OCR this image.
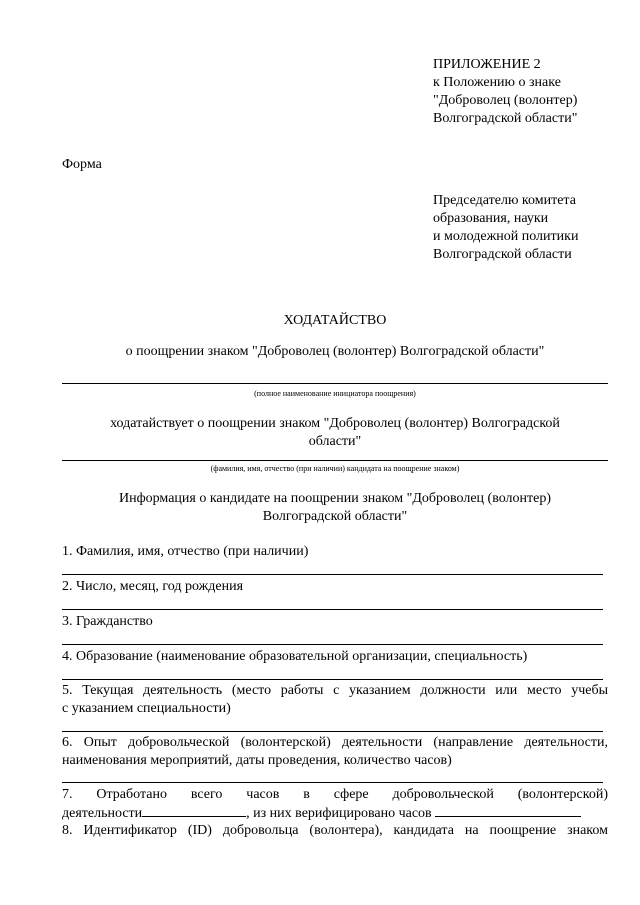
ПРИЛОЖЕНИЕ 2
к Положению о знаке
"Доброволец (волонтер)
Волгоградской области"
Форма
Председателю комитета
образования, науки
и молодежной политики
Волгоградской области
ХОДАТАЙСТВО
о поощрении знаком "Доброволец (волонтер) Волгоградской области"
(полное наименование инициатора поощрения)
ходатайствует о поощрении знаком "Доброволец (волонтер) Волгоградской
области"
(фамилия, имя, отчество (при наличии) кандидата на поощрение знаком)
Информация о кандидате на поощрении знаком "Доброволец (волонтер)
Волгоградской области"
1. Фамилия, имя, отчество (при наличии)
2. Число, месяц, год рождения
3. Гражданство
4. Образование (наименование образовательной организации, специальность)
5. Текущая деятельность (место работы с указанием должности или место учебы
с указанием специальности)
6. Опыт добровольческой (волонтерской) деятельности (направление деятельности,
наименования мероприятий, даты проведения, количество часов)
7. Отработано всего часов в сфере добровольческой (волонтерской)
деятельности	, из них верифицировано часов
8. Идентификатор (ID) добровольца (волонтера), кандидата на поощрение знаком
